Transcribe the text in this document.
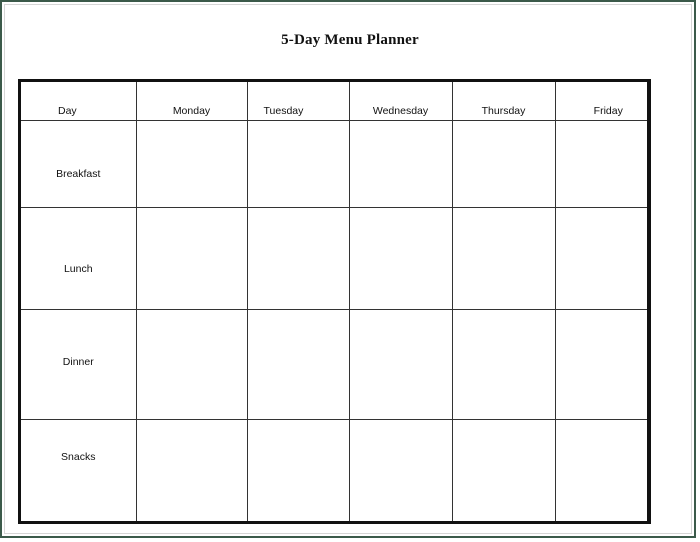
5-Day Menu Planner
Day	Monday	Tuesday	Wednesday	Thursday	Friday
Breakfast					
Lunch					
Dinner					
Snacks					
